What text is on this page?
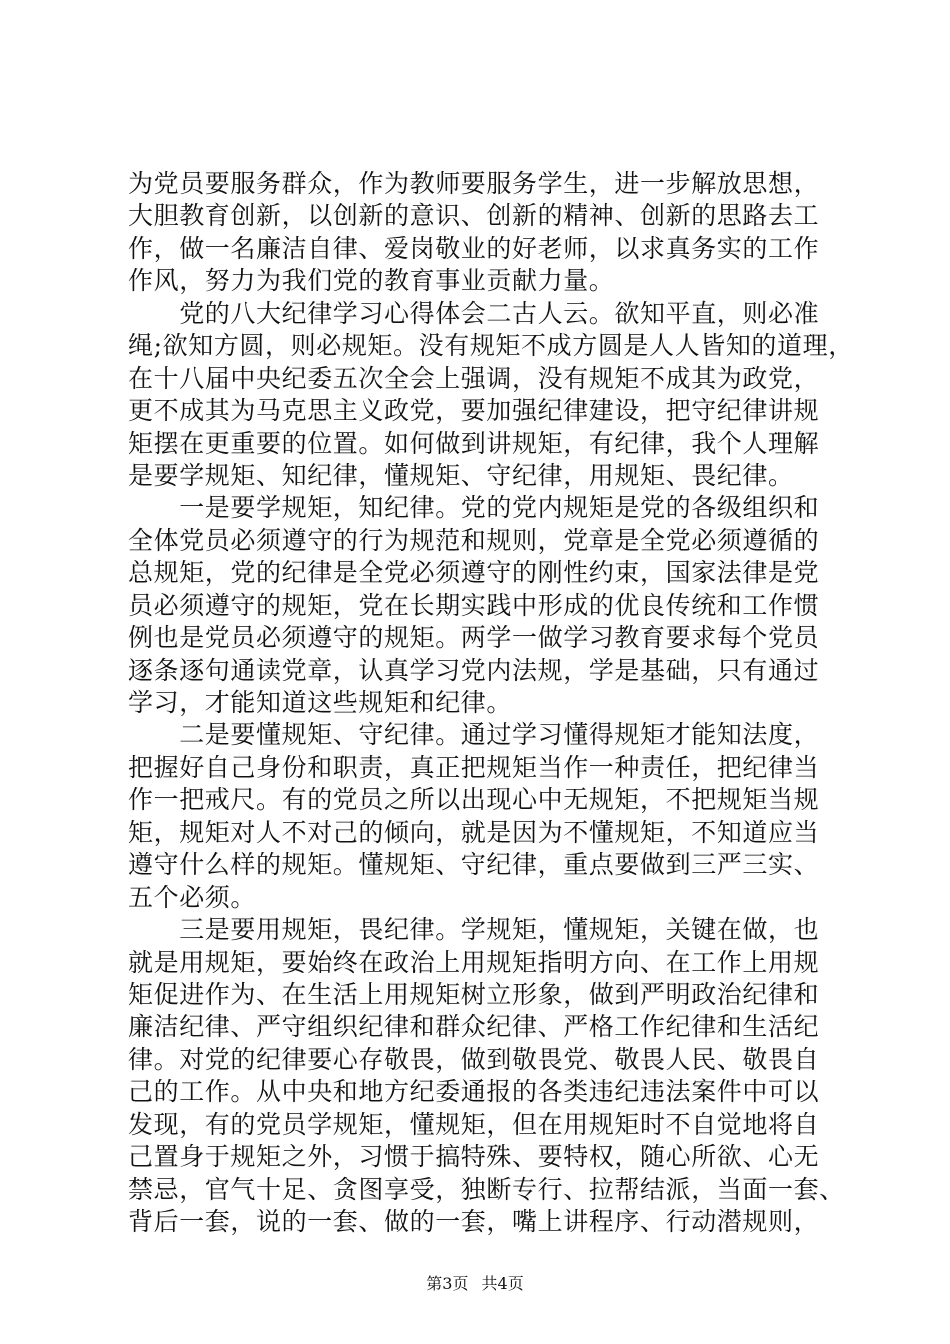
为党员要服务群众，作为教师要服务学生，进一步解放思想，
大胆教育创新，以创新的意识、创新的精神、创新的思路去工
作，做一名廉洁自律、爱岗敬业的好老师，以求真务实的工作
作风，努力为我们党的教育事业贡献力量。
　　党的八大纪律学习心得体会二古人云。欲知平直，则必准
绳;欲知方圆，则必规矩。没有规矩不成方圆是人人皆知的道理，
在十八届中央纪委五次全会上强调，没有规矩不成其为政党，
更不成其为马克思主义政党，要加强纪律建设，把守纪律讲规
矩摆在更重要的位置。如何做到讲规矩，有纪律，我个人理解
是要学规矩、知纪律，懂规矩、守纪律，用规矩、畏纪律。
　　一是要学规矩，知纪律。党的党内规矩是党的各级组织和
全体党员必须遵守的行为规范和规则，党章是全党必须遵循的
总规矩，党的纪律是全党必须遵守的刚性约束，国家法律是党
员必须遵守的规矩，党在长期实践中形成的优良传统和工作惯
例也是党员必须遵守的规矩。两学一做学习教育要求每个党员
逐条逐句通读党章，认真学习党内法规，学是基础，只有通过
学习，才能知道这些规矩和纪律。
　　二是要懂规矩、守纪律。通过学习懂得规矩才能知法度，
把握好自己身份和职责，真正把规矩当作一种责任，把纪律当
作一把戒尺。有的党员之所以出现心中无规矩，不把规矩当规
矩，规矩对人不对己的倾向，就是因为不懂规矩，不知道应当
遵守什么样的规矩。懂规矩、守纪律，重点要做到三严三实、
五个必须。
　　三是要用规矩，畏纪律。学规矩，懂规矩，关键在做，也
就是用规矩，要始终在政治上用规矩指明方向、在工作上用规
矩促进作为、在生活上用规矩树立形象，做到严明政治纪律和
廉洁纪律、严守组织纪律和群众纪律、严格工作纪律和生活纪
律。对党的纪律要心存敬畏，做到敬畏党、敬畏人民、敬畏自
己的工作。从中央和地方纪委通报的各类违纪违法案件中可以
发现，有的党员学规矩，懂规矩，但在用规矩时不自觉地将自
己置身于规矩之外，习惯于搞特殊、要特权，随心所欲、心无
禁忌，官气十足、贪图享受，独断专行、拉帮结派，当面一套、
背后一套，说的一套、做的一套，嘴上讲程序、行动潜规则，
第3页 共4页
